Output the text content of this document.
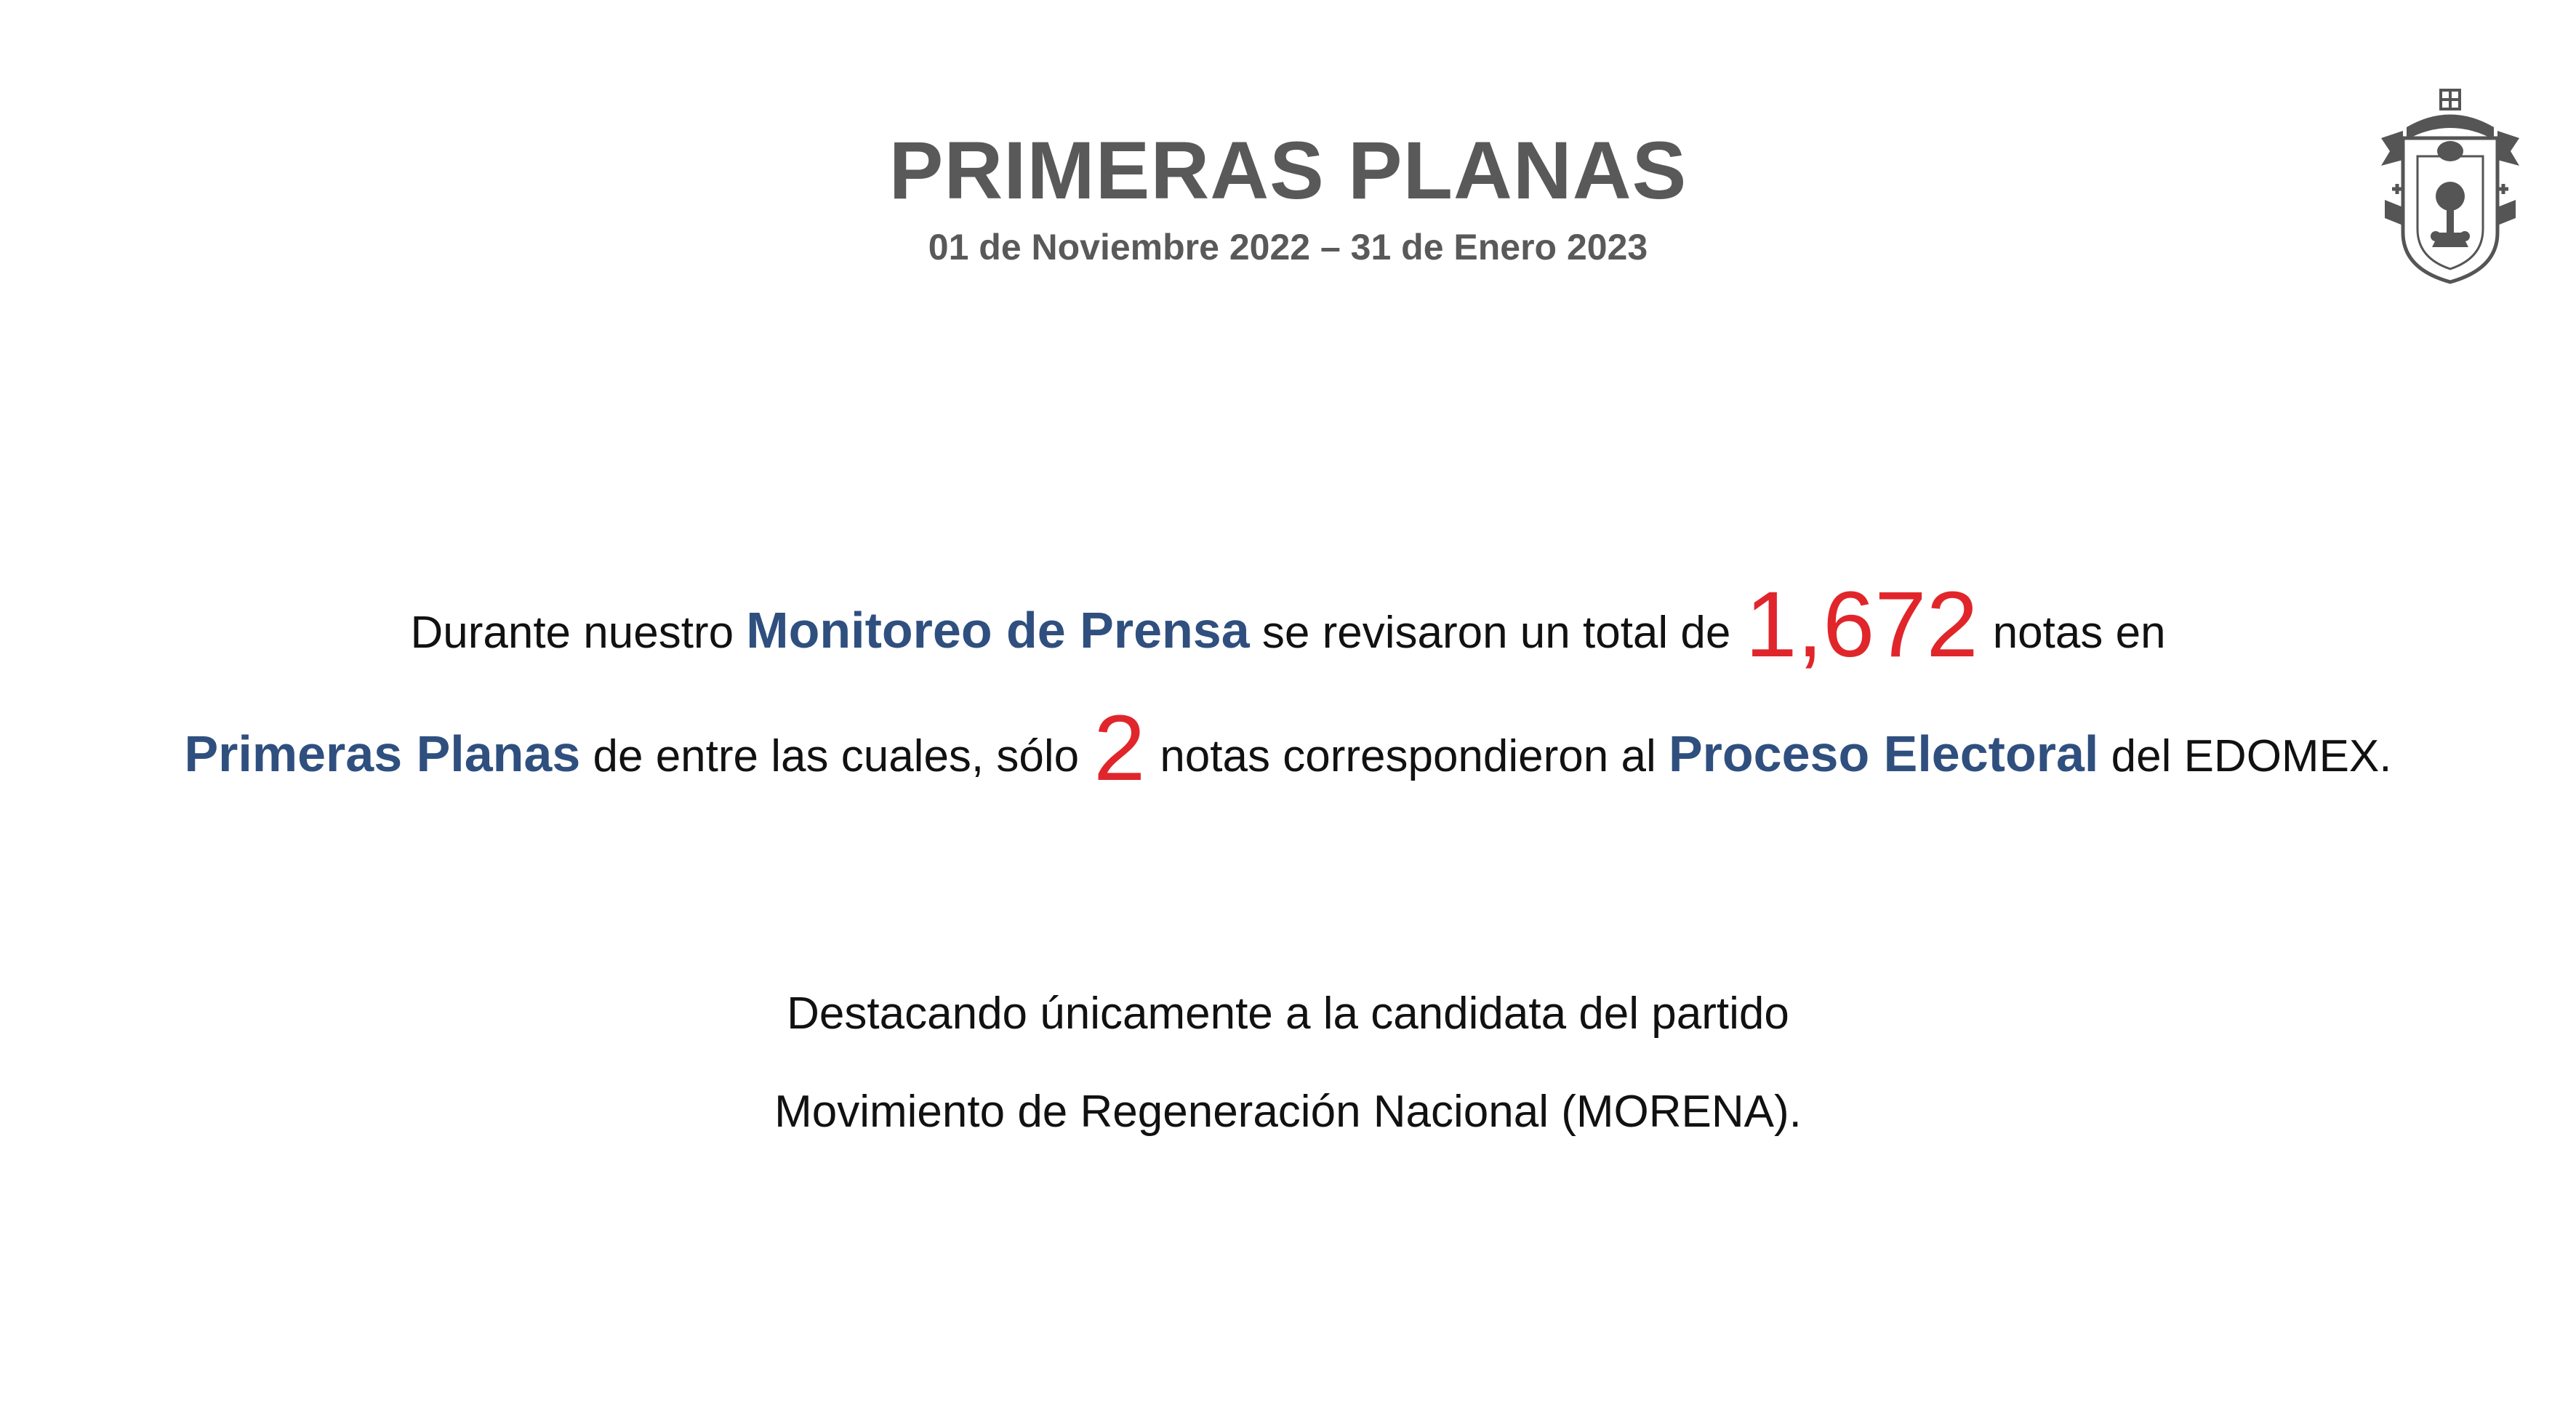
PRIMERAS PLANAS
01 de Noviembre 2022 – 31 de Enero 2023
Durante nuestro Monitoreo de Prensa se revisaron un total de 1,672 notas en
Primeras Planas de entre las cuales, sólo 2 notas correspondieron al Proceso Electoral del EDOMEX.
Destacando únicamente a la candidata del partido
Movimiento de Regeneración Nacional (MORENA).
